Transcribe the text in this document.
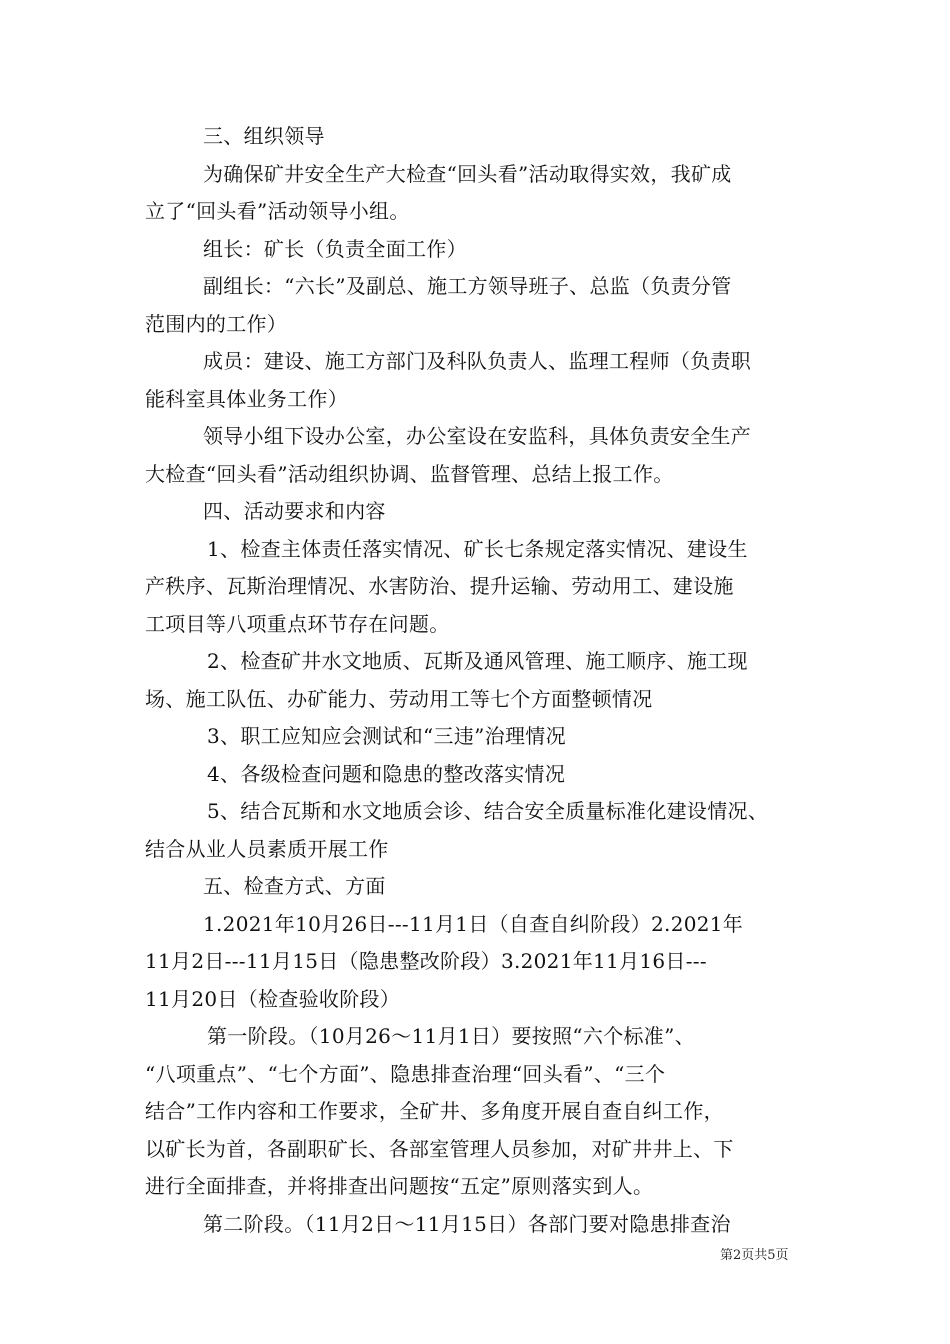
三、组织领导
为确保矿井安全生产大检查“回头看”活动取得实效，我矿成
立了“回头看”活动领导小组。
组长：矿长（负责全面工作）
副组长：“六长”及副总、施工方领导班子、总监（负责分管
范围内的工作）
成员：建设、施工方部门及科队负责人、监理工程师（负责职
能科室具体业务工作）
领导小组下设办公室，办公室设在安监科，具体负责安全生产
大检查“回头看”活动组织协调、监督管理、总结上报工作。
四、活动要求和内容
1、检查主体责任落实情况、矿长七条规定落实情况、建设生
产秩序、瓦斯治理情况、水害防治、提升运输、劳动用工、建设施
工项目等八项重点环节存在问题。
2、检查矿井水文地质、瓦斯及通风管理、施工顺序、施工现
场、施工队伍、办矿能力、劳动用工等七个方面整顿情况
3、职工应知应会测试和“三违”治理情况
4、各级检查问题和隐患的整改落实情况
5、结合瓦斯和水文地质会诊、结合安全质量标准化建设情况、
结合从业人员素质开展工作
五、检查方式、方面
1.2021年10月26日---11月1日（自查自纠阶段）2.2021年
11月2日---11月15日（隐患整改阶段）3.2021年11月16日---
11月20日（检查验收阶段）
第一阶段。（10月26～11月1日）要按照“六个标准”、
“八项重点”、“七个方面”、隐患排查治理“回头看”、“三个
结合”工作内容和工作要求，全矿井、多角度开展自查自纠工作，
以矿长为首，各副职矿长、各部室管理人员参加，对矿井井上、下
进行全面排查，并将排查出问题按“五定”原则落实到人。
第二阶段。（11月2日～11月15日）各部门要对隐患排查治
第2页共5页
